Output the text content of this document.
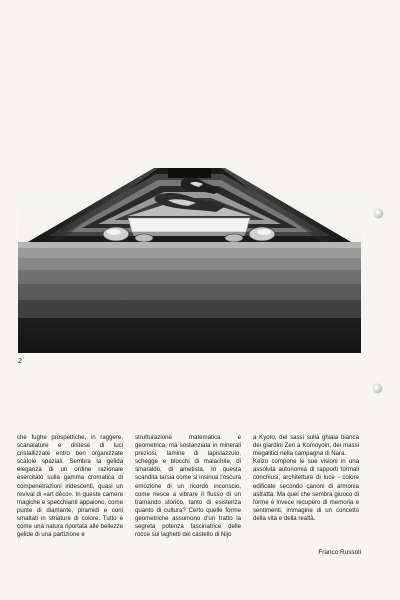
2
che fughe prospettiche, in raggere, scanalature e distese di luci cristallizzate entro ben organizzate scatole spaziali. Sembra la gelida eleganza di un ordine razionale esercitato sulla gamma cromatica di compenetrazioni iridescenti, quasi un revival di «art déco». In queste camere magiche e specchianti appaiono, come punte di diamante, piramidi e coni smaltati in striature di colore. Tutto è come una natura riportata alle bellezze gelide di una partizione e
strutturazione matematica e geometrica, ma sostanziata in minerali preziosi, lamine di lapislazzulo, schegge e blocchi di malachite, di smaraldo, di ametista. In questa scandita tarsia come si insinua l'oscura emozione di un ricordo inconscio, come riesce a vibrare il flusso di un tramando storico, tanto di esistenza quanto di cultura? Certo quelle forme geometriche assumono d'un tratto la segreta potenza fascinatrice delle rocce sui laghetti del castello di Nijo
a Kyoto, dei sassi sulla ghiaia bianca dei giardini Zen a Komoyoin, dei massi megalitici nella campagna di Nara.
Keizo compone le sue visioni in una assoluta autonomia di rapporti formali conchiusi, architetture di luce - colore edificate secondo canoni di armonia astratta. Ma quel che sembra giuoco di forme è invece recupero di memoria e sentimenti, immagine di un concetto della vita e della realtà.
Franco Russoli
